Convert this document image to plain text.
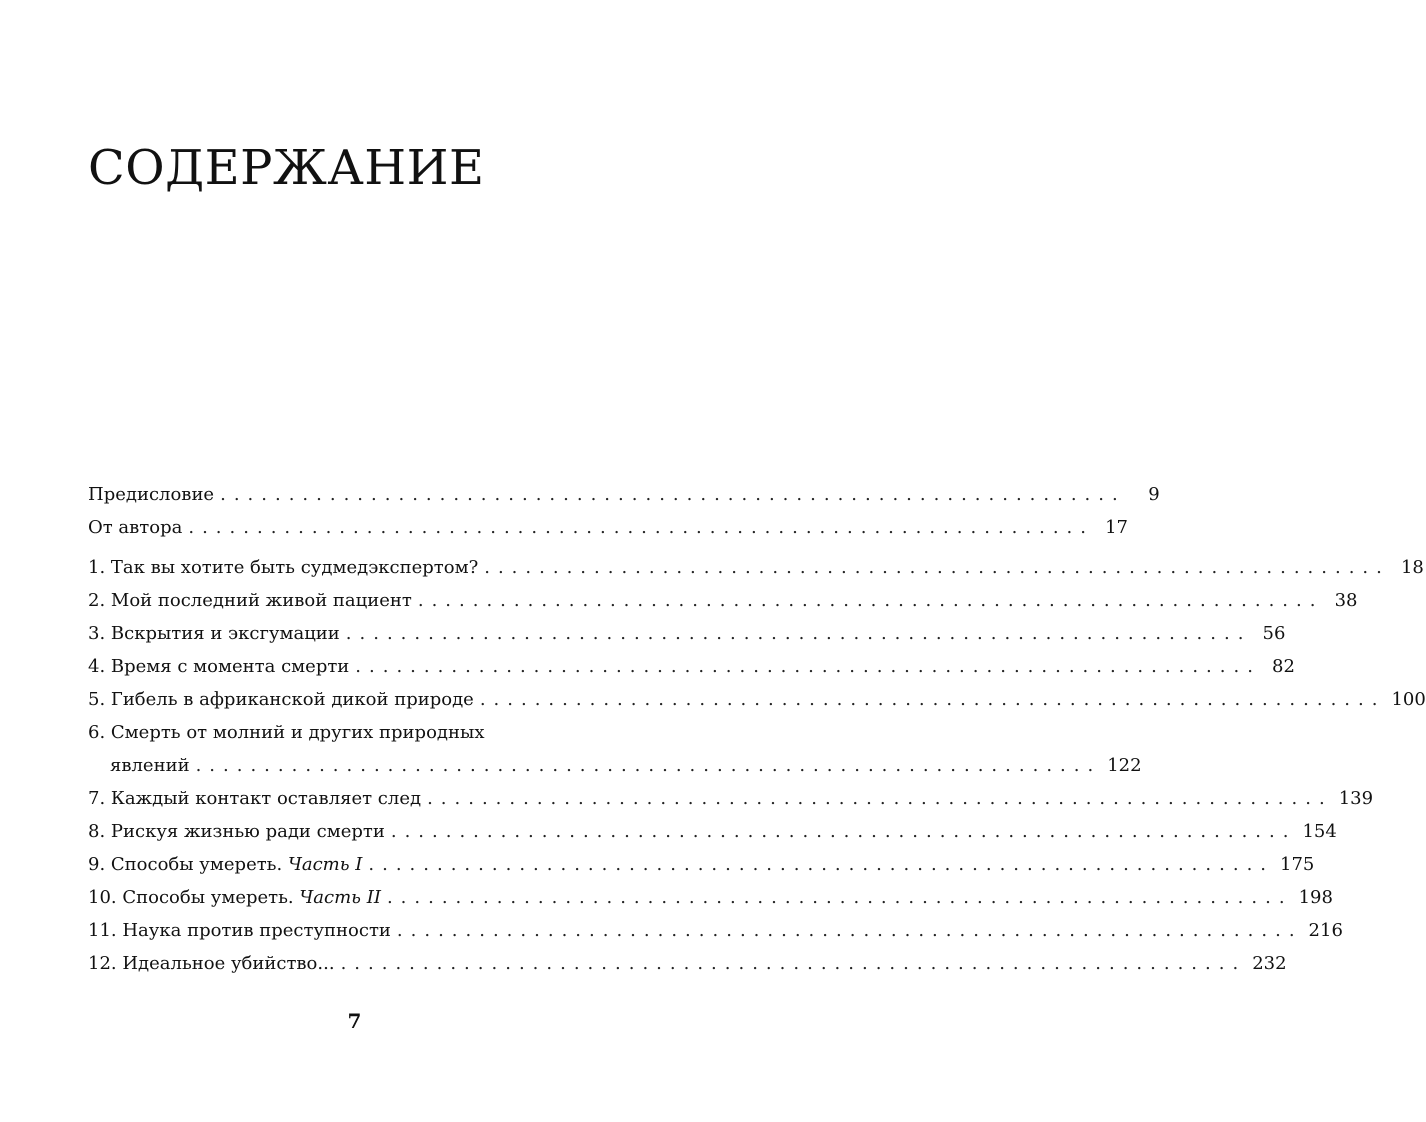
СОДЕРЖАНИЕ
Предисловие ..................................................................	9
От автора .................................................................. 17
1. Так вы хотите быть судмедэкспертом? .................................................................. 18
2. Мой последний живой пациент .................................................................. 38
3. Вскрытия и эксгумации .................................................................. 56
4. Время с момента смерти .................................................................. 82
5. Гибель в африканской дикой природе .................................................................. 100
6. Смерть от молний и других природных
явлений .................................................................. 122
7. Каждый контакт оставляет след .................................................................. 139
8. Рискуя жизнью ради смерти .................................................................. 154
9. Способы умереть. Часть I .................................................................. 175
10. Способы умереть. Часть II .................................................................. 198
11. Наука против преступности .................................................................. 216
12. Идеальное убийство... .................................................................. 232
7
